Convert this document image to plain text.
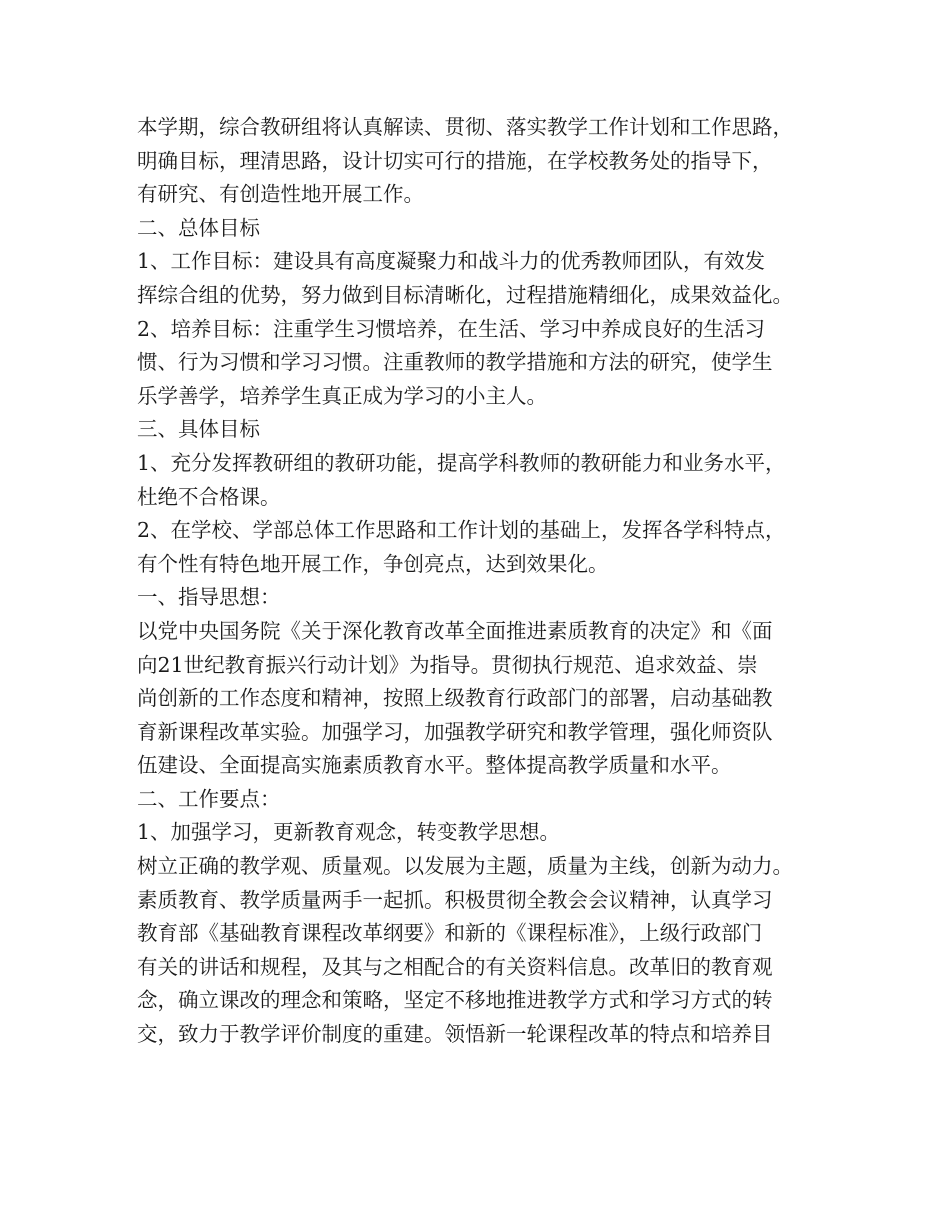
本学期，综合教研组将认真解读、贯彻、落实教学工作计划和工作思路，
明确目标，理清思路，设计切实可行的措施，在学校教务处的指导下，
有研究、有创造性地开展工作。
二、总体目标
1、工作目标：建设具有高度凝聚力和战斗力的优秀教师团队，有效发
挥综合组的优势，努力做到目标清晰化，过程措施精细化，成果效益化。
2、培养目标：注重学生习惯培养，在生活、学习中养成良好的生活习
惯、行为习惯和学习习惯。注重教师的教学措施和方法的研究，使学生
乐学善学，培养学生真正成为学习的小主人。
三、具体目标
1、充分发挥教研组的教研功能，提高学科教师的教研能力和业务水平，
杜绝不合格课。
2、在学校、学部总体工作思路和工作计划的基础上，发挥各学科特点，
有个性有特色地开展工作，争创亮点，达到效果化。
一、指导思想：
以党中央国务院《关于深化教育改革全面推进素质教育的决定》和《面
向21世纪教育振兴行动计划》为指导。贯彻执行规范、追求效益、崇
尚创新的工作态度和精神，按照上级教育行政部门的部署，启动基础教
育新课程改革实验。加强学习，加强教学研究和教学管理，强化师资队
伍建设、全面提高实施素质教育水平。整体提高教学质量和水平。
二、工作要点：
1、加强学习，更新教育观念，转变教学思想。
树立正确的教学观、质量观。以发展为主题，质量为主线，创新为动力。
素质教育、教学质量两手一起抓。积极贯彻全教会会议精神，认真学习
教育部《基础教育课程改革纲要》和新的《课程标准》，上级行政部门
有关的讲话和规程，及其与之相配合的有关资料信息。改革旧的教育观
念，确立课改的理念和策略，坚定不移地推进教学方式和学习方式的转
交，致力于教学评价制度的重建。领悟新一轮课程改革的特点和培养目
